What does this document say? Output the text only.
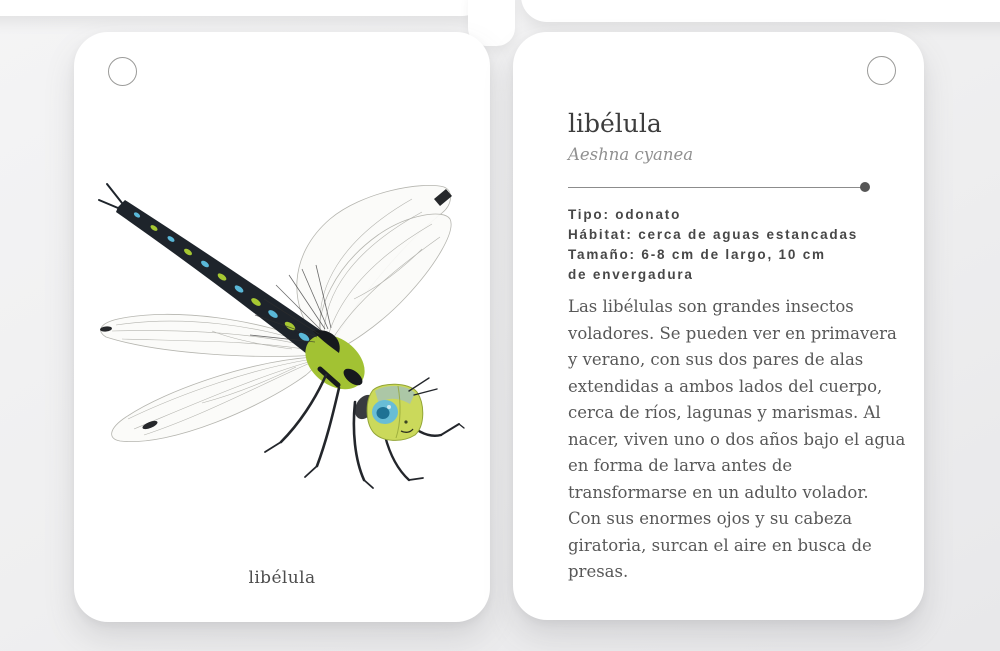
libélula
libélula
Aeshna cyanea
Tipo: odonato
Hábitat: cerca de aguas estancadas
Tamaño: 6-8 cm de largo, 10 cm
de envergadura
Las libélulas son grandes insectos voladores. Se pueden ver en primavera y verano, con sus dos pares de alas extendidas a ambos lados del cuerpo, cerca de ríos, lagunas y marismas. Al nacer, viven uno o dos años bajo el agua en forma de larva antes de transformarse en un adulto volador. Con sus enormes ojos y su cabeza giratoria, surcan el aire en busca de presas.
